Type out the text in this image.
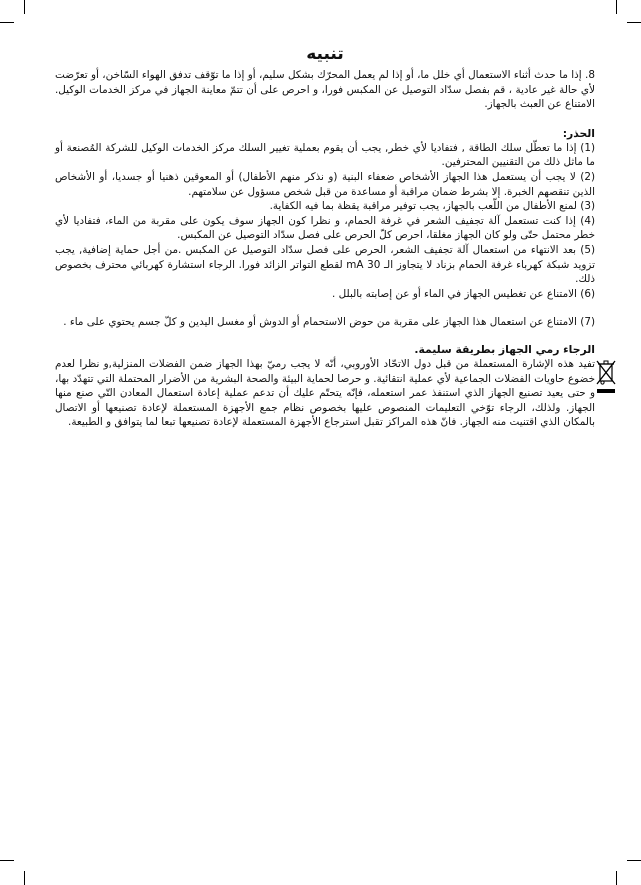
تنبيه

8. إذا ما حدث أثناء الاستعمال أي خلل ما، أو إذا لم يعمل المحرّك بشكل سليم، أو إذا ما توّقف تدفق الهواء السّاخن، أو تعرّضت لأي حالة غير عادية ، قم بفصل سدّاد التوصيل عن المكبس فورا، و احرص على أن تتمّ معاينة الجهاز في مركز الخدمات الوكيل. الامتناع عن العبث بالجهاز.

الحذر:

(1) إذا ما تعطّل سلك الطاقة , فتفاديا لأي خطر, يجب أن يقوم بعملية تغيير السلك مركز الخدمات الوكيل للشركة المُصنعة أو ما ماثل ذلك من التقنيين المحترفين.

(2) لا يجب أن يستعمل هذا الجهاز الأشخاص ضعفاء البنية (و نذكر منهم الأطفال) أو المعوقين ذهنيا أو جسديا، أو الأشخاص الذين تنقصهم الخبرة. إلا بشرط ضمان مراقبة أو مساعدة من قبل شخص مسؤول عن سلامتهم.

(3) لمنع الأطفال من اللّعب بالجهاز، يجب توفير مراقبة يقظة بما فيه الكفاية.

(4) إذا كنت تستعمل آلة تجفيف الشعر في غرفة الحمام، و نظرا كون الجهاز سوف يكون على مقربة من الماء، فتفاديا لأي خطر محتمل حتّى ولو كان الجهاز مغلقا، احرص كلّ الحرص على فصل سدّاد التوصيل عن المكبس.

(5) بعد الانتهاء من استعمال آلة تجفيف الشعر، الحرص على فصل سدّاد التوصيل عن المكبس .من أجل حماية إضافية, يجب تزويد شبكة كهرباء غرفة الحمام بزناد لا يتجاوز الـ 30 mA لقطع التواتر الزائد فورا. الرجاء استشارة كهربائي محترف بخصوص ذلك.

(6) الامتناع عن تغطيس الجهاز في الماء أو عن إصابته بالبلل .

(7) الامتناع عن استعمال هذا الجهاز على مقربة من حوض الاستحمام أو الدوش أو مغسل اليدين و كلّ جسم يحتوي على ماء .

الرجاء رمي الجهاز بطريقة سليمة.

تفيد هذه الإشارة المستعملة من قبل دول الاتحّاد الأوروبي، أنّه لا يجب رميّ بهذا الجهاز ضمن الفضلات المنزلية,و نظرا لعدم خضوع حاويات الفضلات الجماعية لأي عملية انتقائية. و حرصا لحماية البيئة والصحة البشرية من الأضرار المحتملة التي تتهدّد بها، و حتى يعيد تصنيع الجهاز الذي استنفذ عمر استعمله، فإنّه يتحتّم عليك أن تدعم عملية إعادة استعمال المعادن التّي صنع منها الجهاز. ولذلك، الرجاء توّخي التعليمات المنصوص عليها بخصوص نظام جمع الأجهزة المستعملة لإعادة تصنيعها أو الاتصال بالمكان الذي اقتنيت منه الجهاز. فانّ هذه المراكز تقبل استرجاع الأجهزة المستعملة لإعادة تصنيعها تبعا لما يتوافق و الطبيعة.
